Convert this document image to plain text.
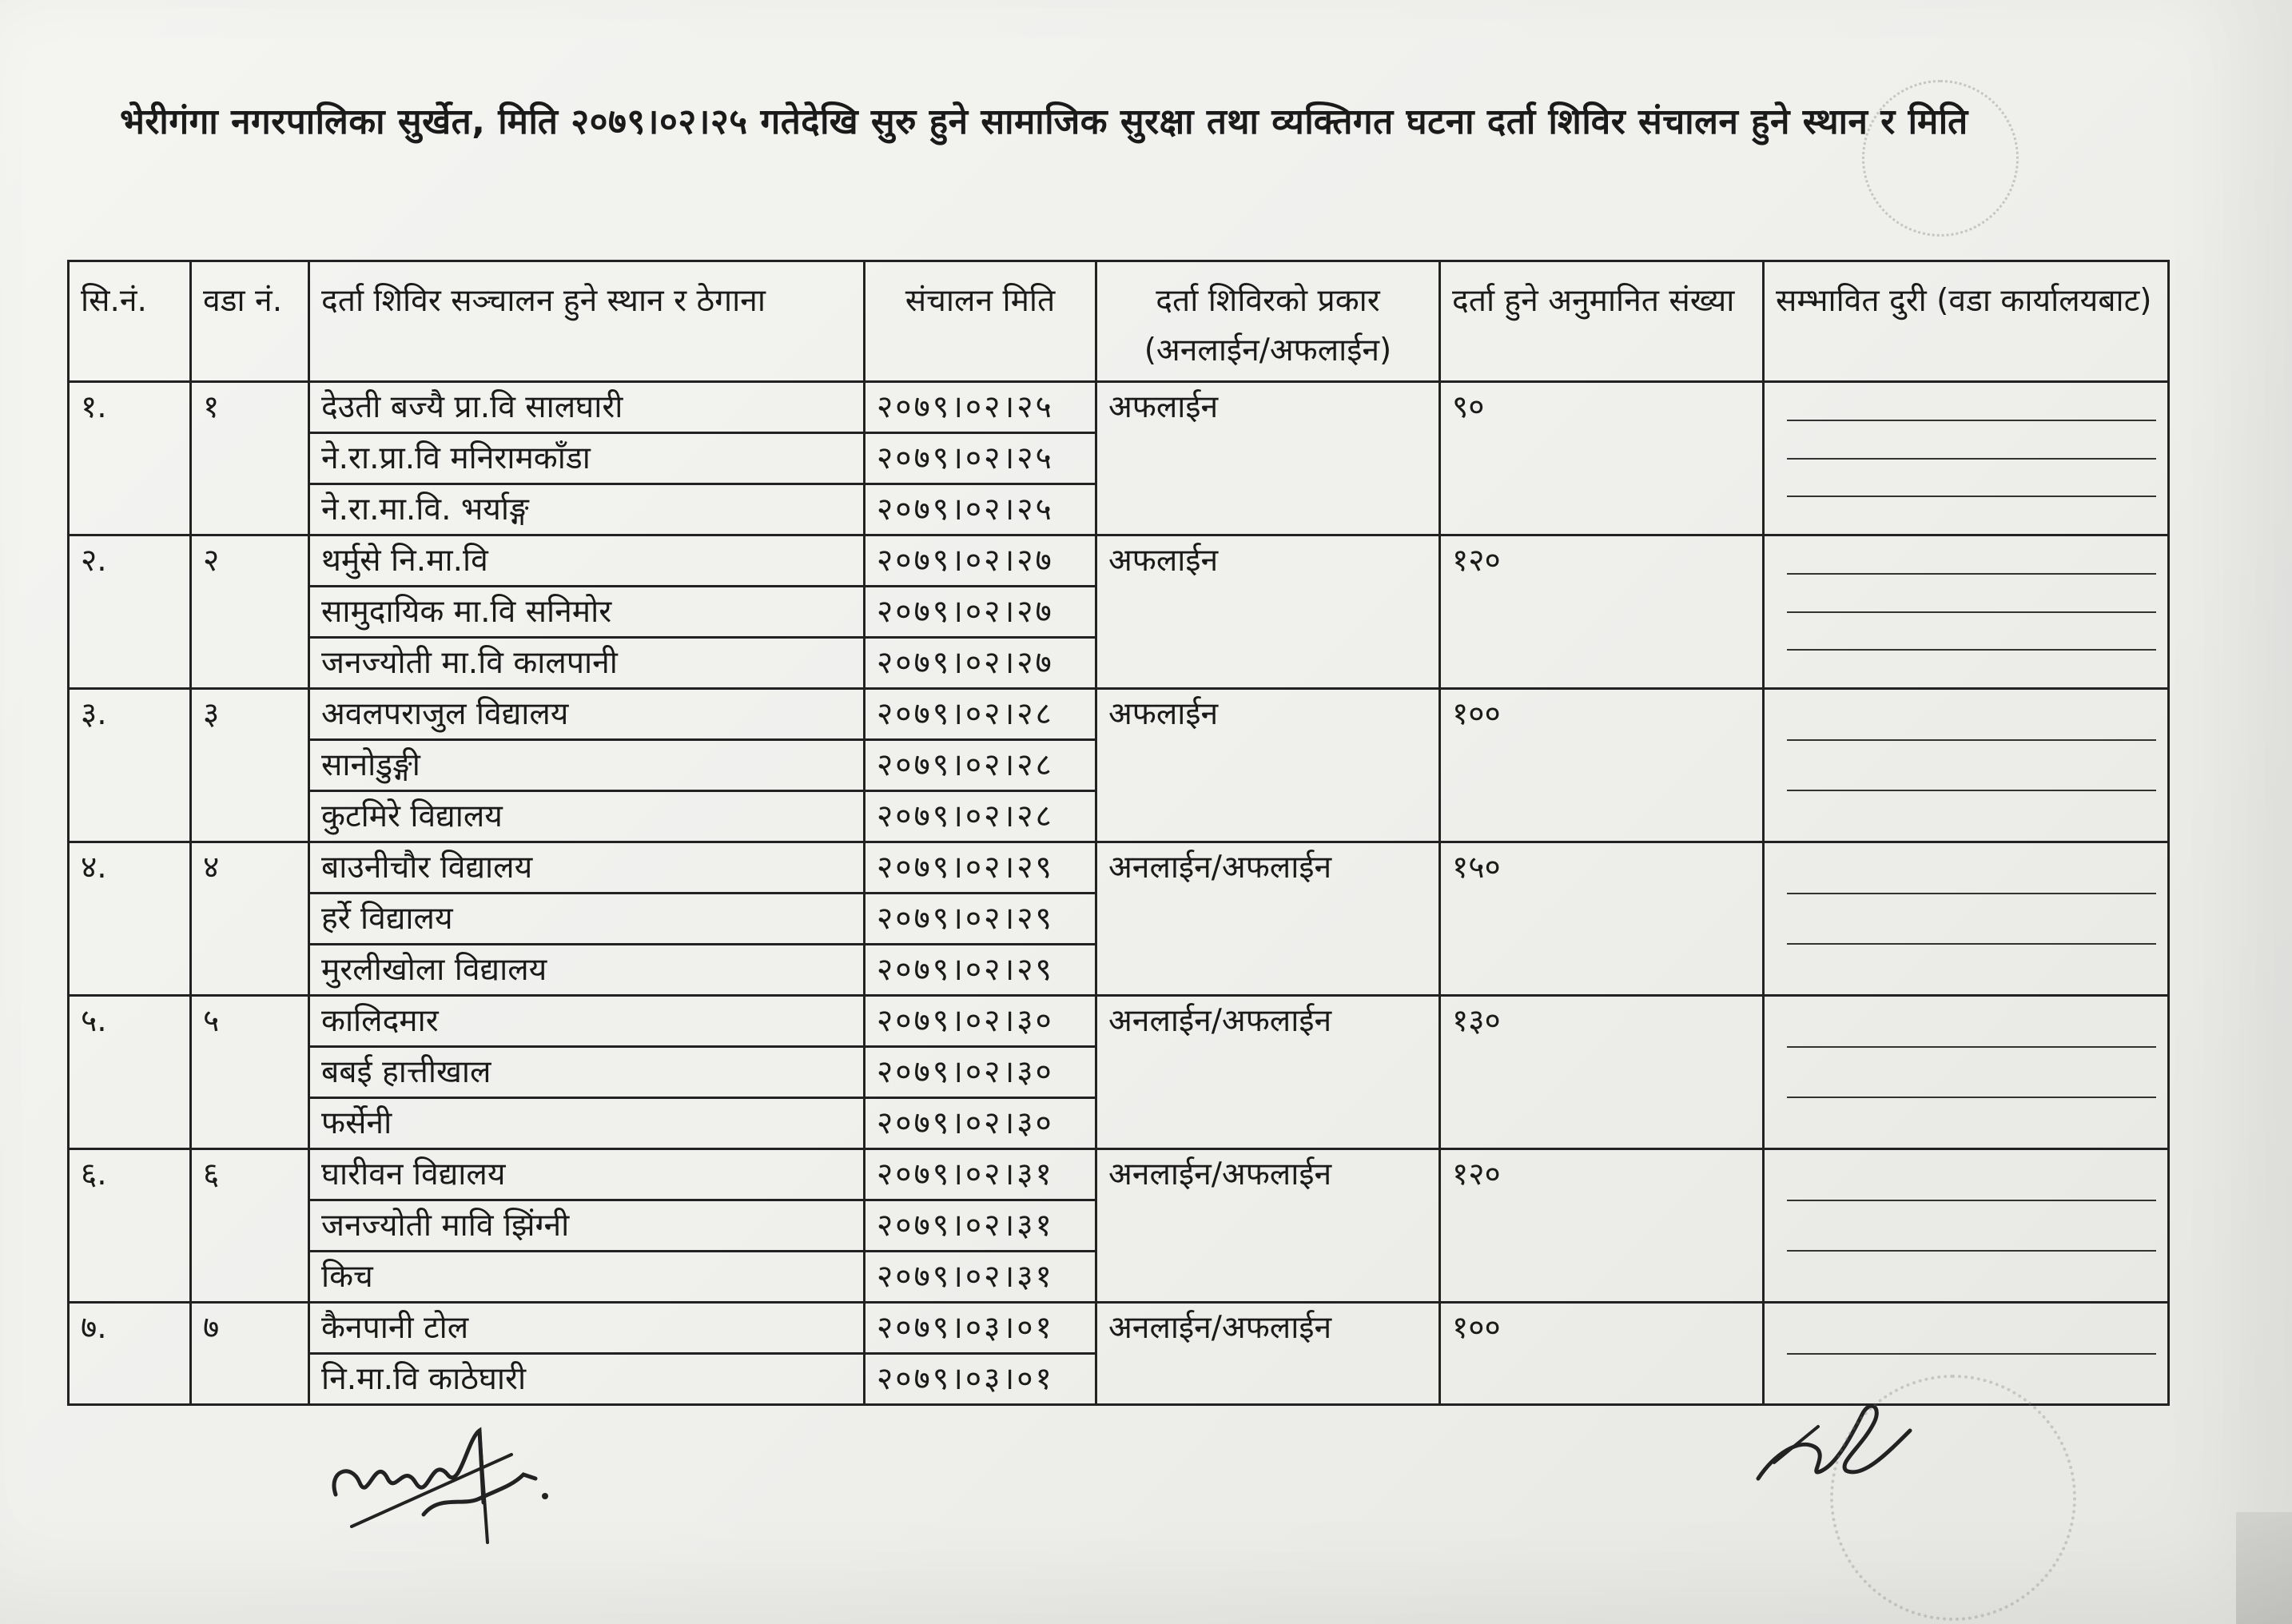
भेरीगंगा नगरपालिका सुर्खेत, मिति २०७९।०२।२५ गतेदेखि सुरु हुने सामाजिक सुरक्षा तथा व्यक्तिगत घटना दर्ता शिविर संचालन हुने स्थान र मिति
सि.नं.	वडा नं.	दर्ता शिविर सञ्चालन हुने स्थान र ठेगाना	संचालन मिति	दर्ता शिविरको प्रकार
(अनलाईन/अफलाईन)	दर्ता हुने अनुमानित संख्या	सम्भावित दुरी (वडा कार्यालयबाट)
१.	१	देउती बज्यै प्रा.वि सालघारी	२०७९।०२।२५	अफलाईन	९०	

		ने.रा.प्रा.वि मनिरामकाँडा	२०७९।०२।२५			
		ने.रा.मा.वि. भर्याङ्ग	२०७९।०२।२५			
२.	२	थर्मुसे नि.मा.वि	२०७९।०२।२७	अफलाईन	१२०	

		सामुदायिक मा.वि सनिमोर	२०७९।०२।२७			
		जनज्योती मा.वि कालपानी	२०७९।०२।२७			
३.	३	अवलपराजुल विद्यालय	२०७९।०२।२८	अफलाईन	१००	

		सानोडुङ्गी	२०७९।०२।२८			
		कुटमिरे विद्यालय	२०७९।०२।२८			
४.	४	बाउनीचौर विद्यालय	२०७९।०२।२९	अनलाईन/अफलाईन	१५०	

		हर्रे विद्यालय	२०७९।०२।२९			
		मुरलीखोला विद्यालय	२०७९।०२।२९			
५.	५	कालिदमार	२०७९।०२।३०	अनलाईन/अफलाईन	१३०	

		बबई हात्तीखाल	२०७९।०२।३०			
		फर्सेनी	२०७९।०२।३०			
६.	६	घारीवन विद्यालय	२०७९।०२।३१	अनलाईन/अफलाईन	१२०	

		जनज्योती मावि झिंग्नी	२०७९।०२।३१			
		किच	२०७९।०२।३१			
७.	७	कैनपानी टोल	२०७९।०३।०१	अनलाईन/अफलाईन	१००	

		नि.मा.वि काठेघारी	२०७९।०३।०१			
